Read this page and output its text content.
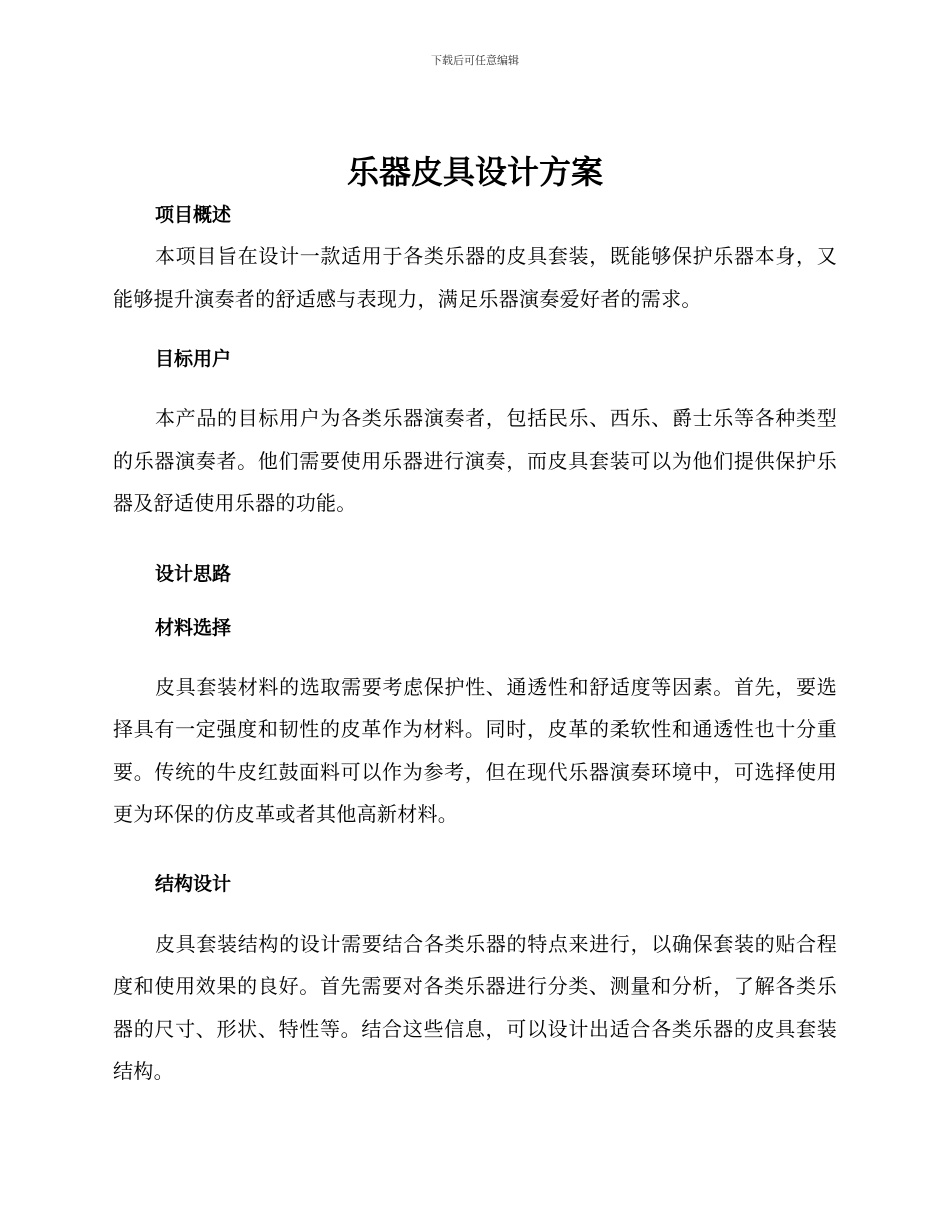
下载后可任意编辑
乐器皮具设计方案
项目概述
本项目旨在设计一款适用于各类乐器的皮具套装，既能够保护乐器本身，又能够提升演奏者的舒适感与表现力，满足乐器演奏爱好者的需求。
目标用户
本产品的目标用户为各类乐器演奏者，包括民乐、西乐、爵士乐等各种类型的乐器演奏者。他们需要使用乐器进行演奏，而皮具套装可以为他们提供保护乐器及舒适使用乐器的功能。
设计思路
材料选择
皮具套装材料的选取需要考虑保护性、通透性和舒适度等因素。首先，要选择具有一定强度和韧性的皮革作为材料。同时，皮革的柔软性和通透性也十分重要。传统的牛皮红鼓面料可以作为参考，但在现代乐器演奏环境中，可选择使用更为环保的仿皮革或者其他高新材料。
结构设计
皮具套装结构的设计需要结合各类乐器的特点来进行，以确保套装的贴合程度和使用效果的良好。首先需要对各类乐器进行分类、测量和分析，了解各类乐器的尺寸、形状、特性等。结合这些信息，可以设计出适合各类乐器的皮具套装结构。
